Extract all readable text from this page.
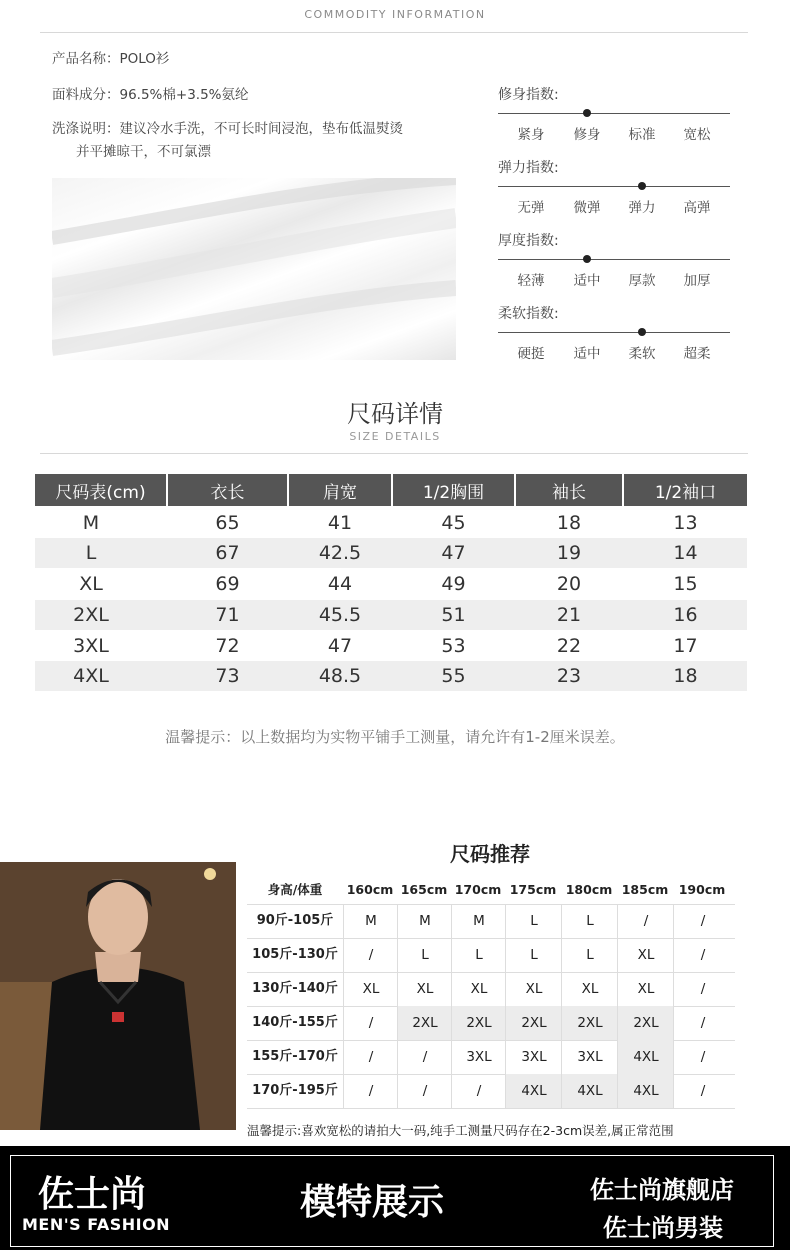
COMMODITY INFORMATION
产品名称：POLO衫
面料成分：96.5%棉+3.5%氨纶
洗涤说明：建议冷水手洗，不可长时间浸泡，垫布低温熨烫
并平摊晾干，不可氯漂
修身指数:
紧身	修身	标准	宽松
弹力指数:
无弹	微弹	弹力	高弹
厚度指数:
轻薄	适中	厚款	加厚
柔软指数:
硬挺	适中	柔软	超柔
尺码详情
SIZE DETAILS
尺码表(cm)	衣长	肩宽	1/2胸围	袖长	1/2袖口
M	65	41	45	18	13
L	67	42.5	47	19	14
XL	69	44	49	20	15
2XL	71	45.5	51	21	16
3XL	72	47	53	22	17
4XL	73	48.5	55	23	18
温馨提示：以上数据均为实物平铺手工测量，请允许有1-2厘米误差。
尺码推荐
身高/体重	160cm 165cm 170cm 175cm 180cm 185cm 190cm
90斤-105斤	M	M	M	L	L	/	/
105斤-130斤	/	L	L	L	L	XL	/
130斤-140斤	XL	XL	XL	XL	XL	XL	/
140斤-155斤	/	2XL	2XL	2XL	2XL	2XL	/
155斤-170斤	/	/	3XL	3XL	3XL	4XL	/
170斤-195斤	/	/	/	4XL	4XL	4XL	/
温馨提示:喜欢宽松的请拍大一码,纯手工测量尺码存在2-3cm误差,属正常范围
佐士尚
MEN'S FASHION
模特展示	佐士尚旗舰店
佐士尚男装
